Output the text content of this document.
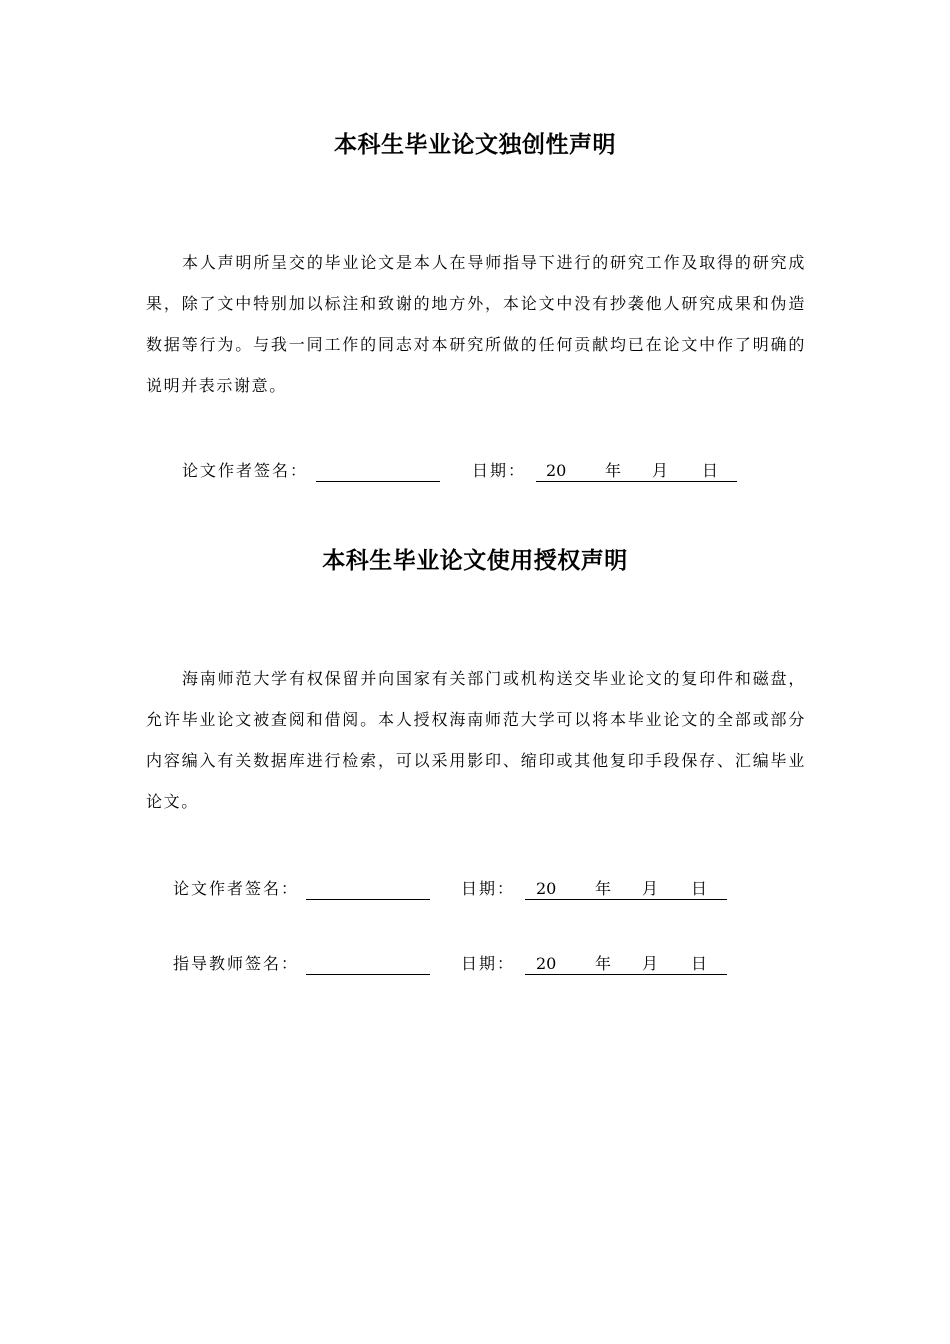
本科生毕业论文独创性声明

本人声明所呈交的毕业论文是本人在导师指导下进行的研究工作及取得的研究成果，除了文中特别加以标注和致谢的地方外，本论文中没有抄袭他人研究成果和伪造数据等行为。与我一同工作的同志对本研究所做的任何贡献均已在论文中作了明确的说明并表示谢意。

论文作者签名：	日期： 20 年 月 日
本科生毕业论文使用授权声明

海南师范大学有权保留并向国家有关部门或机构送交毕业论文的复印件和磁盘，允许毕业论文被查阅和借阅。本人授权海南师范大学可以将本毕业论文的全部或部分内容编入有关数据库进行检索，可以采用影印、缩印或其他复印手段保存、汇编毕业论文。

论文作者签名：	日期： 20 年 月 日
指导教师签名：	日期： 20 年 月 日
